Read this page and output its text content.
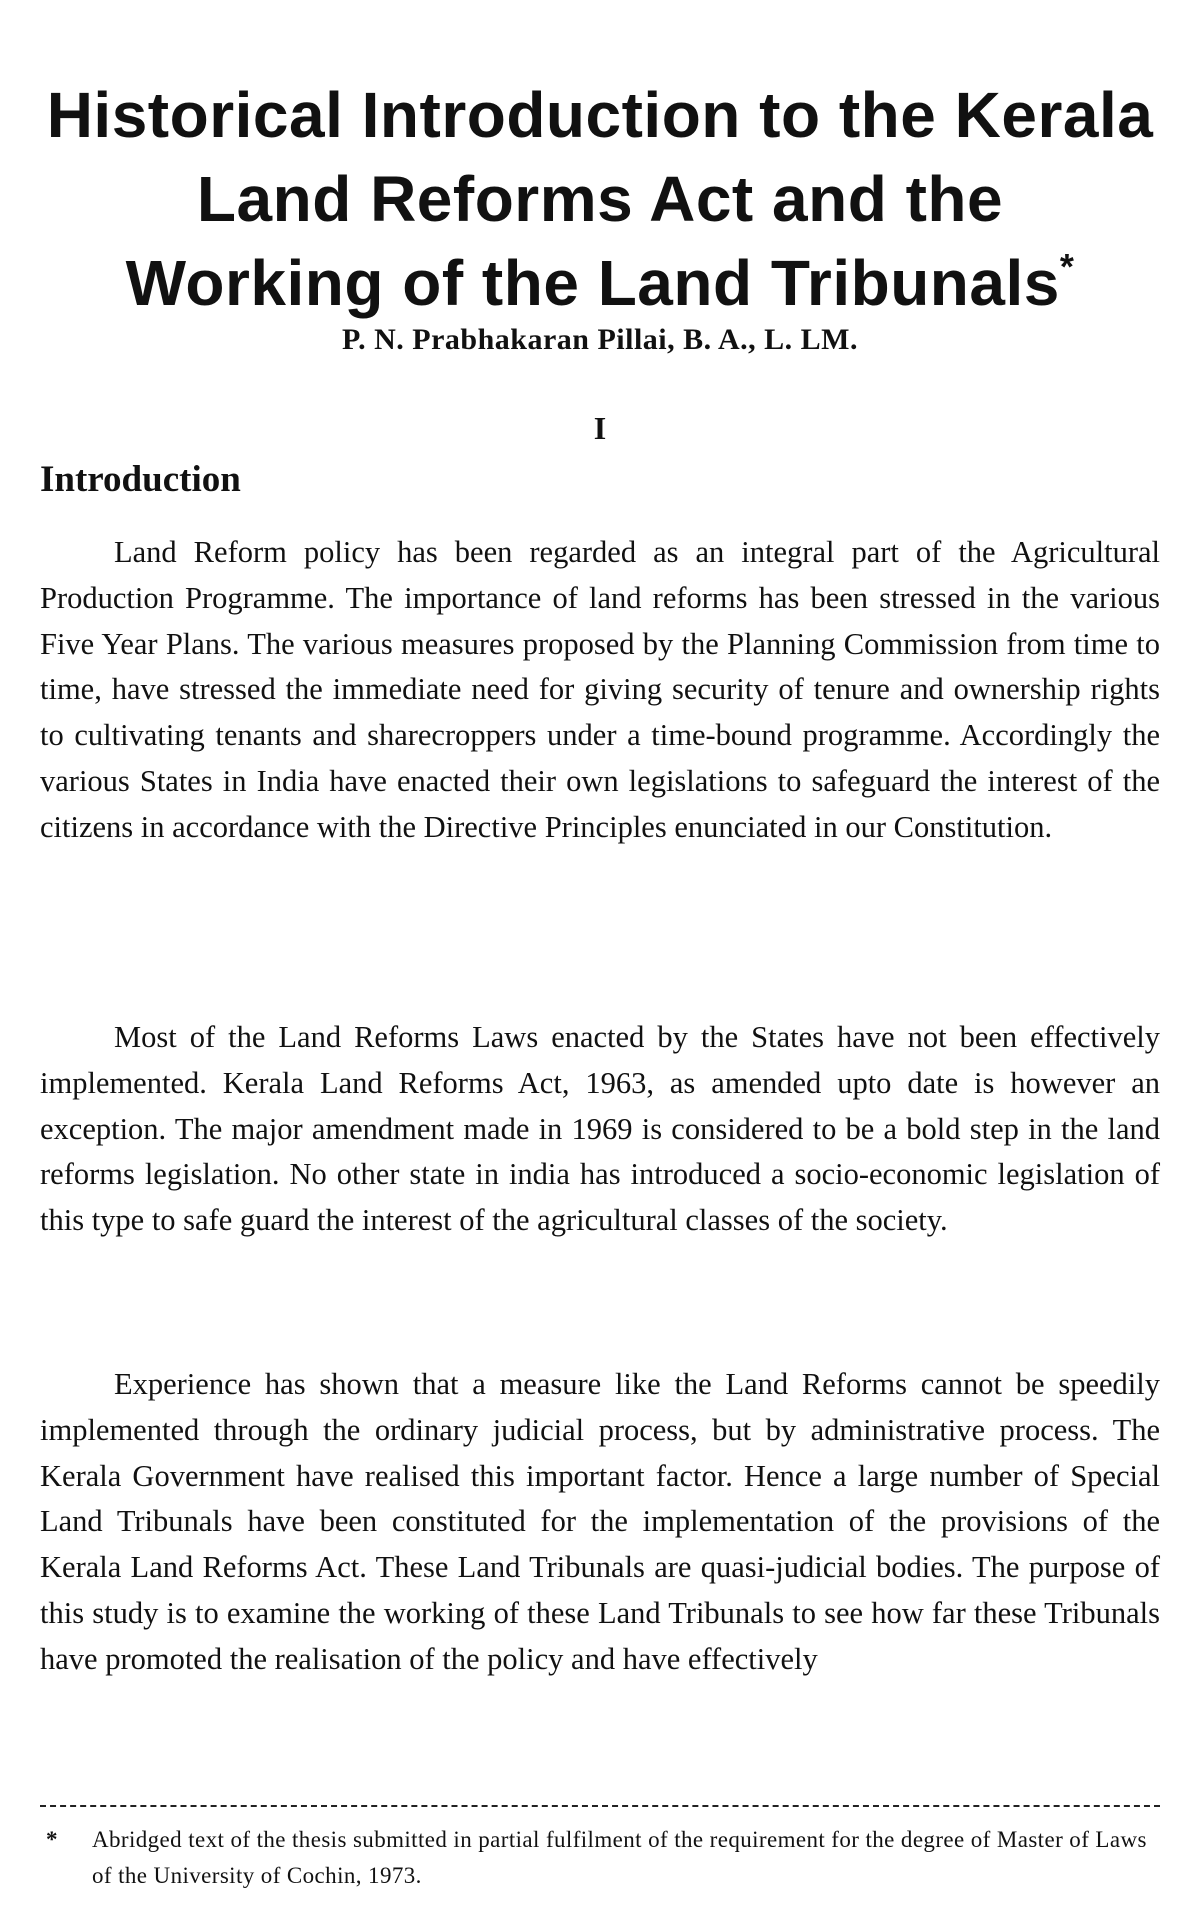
Historical Introduction to the Kerala
Land Reforms Act and the
Working of the Land Tribunals*
P. N. Prabhakaran Pillai, B. A., L. LM.
I
Introduction

Land Reform policy has been regarded as an integral part of the Agricultural Production Programme. The importance of land reforms has been stressed in the various Five Year Plans. The various measures proposed by the Planning Commission from time to time, have stressed the immediate need for giving security of tenure and ownership rights to cultivating tenants and sharecroppers under a time-bound programme. Accordingly the various States in India have enacted their own legislations to safeguard the interest of the citizens in accordance with the Directive Principles enunciated in our Constitution.

Most of the Land Reforms Laws enacted by the States have not been effectively implemented. Kerala Land Reforms Act, 1963, as amended upto date is however an exception. The major amendment made in 1969 is considered to be a bold step in the land reforms legislation. No other state in india has introduced a socio-economic legislation of this type to safe guard the interest of the agricultural classes of the society.

Experience has shown that a measure like the Land Reforms cannot be speedily implemented through the ordinary judicial process, but by administrative process. The Kerala Government have realised this important factor. Hence a large number of Special Land Tribunals have been constituted for the implementation of the provisions of the Kerala Land Reforms Act. These Land Tribunals are quasi-judicial bodies. The purpose of this study is to examine the working of these Land Tribunals to see how far these Tribunals have promoted the realisation of the policy and have effectively

* Abridged text of the thesis submitted in partial fulfilment of the requirement for the degree of Master of Laws of the University of Cochin, 1973.
